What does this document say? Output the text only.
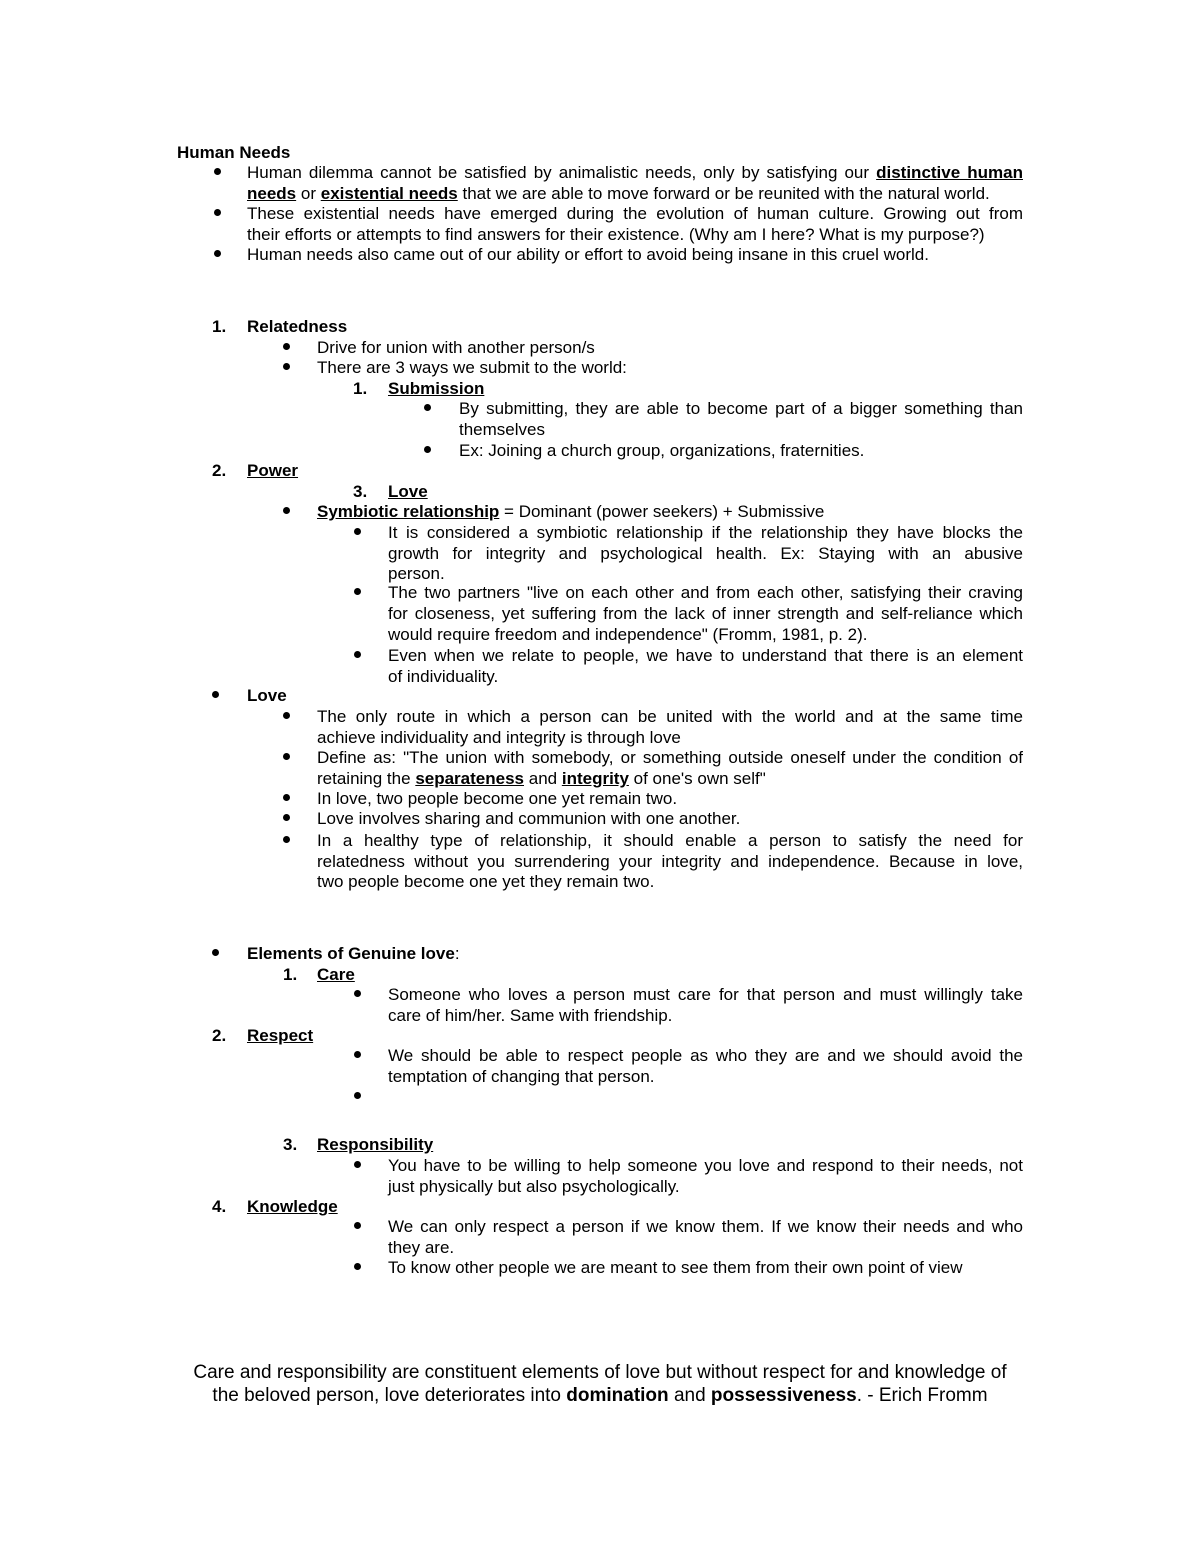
Human Needs
Human dilemma cannot be satisfied by animalistic needs, only by satisfying our distinctive human
needs or existential needs that we are able to move forward or be reunited with the natural world.
These existential needs have emerged during the evolution of human culture. Growing out from
their efforts or attempts to find answers for their existence. (Why am I here? What is my purpose?)
Human needs also came out of our ability or effort to avoid being insane in this cruel world.
1. Relatedness
Drive for union with another person/s
There are 3 ways we submit to the world:
1. Submission
By submitting, they are able to become part of a bigger something than
themselves
Ex: Joining a church group, organizations, fraternities.
2. Power
3. Love
Symbiotic relationship = Dominant (power seekers) + Submissive
It is considered a symbiotic relationship if the relationship they have blocks the
growth for integrity and psychological health. Ex: Staying with an abusive
person.
The two partners "live on each other and from each other, satisfying their craving
for closeness, yet suffering from the lack of inner strength and self-reliance which
would require freedom and independence" (Fromm, 1981, p. 2).
Even when we relate to people, we have to understand that there is an element
of individuality.
Love
The only route in which a person can be united with the world and at the same time
achieve individuality and integrity is through love
Define as: "The union with somebody, or something outside oneself under the condition of
retaining the separateness and integrity of one's own self"
In love, two people become one yet remain two.
Love involves sharing and communion with one another.
In a healthy type of relationship, it should enable a person to satisfy the need for
relatedness without you surrendering your integrity and independence. Because in love,
two people become one yet they remain two.
Elements of Genuine love:
1. Care
Someone who loves a person must care for that person and must willingly take
care of him/her. Same with friendship.
2. Respect
We should be able to respect people as who they are and we should avoid the
temptation of changing that person.
3. Responsibility
You have to be willing to help someone you love and respond to their needs, not
just physically but also psychologically.
4. Knowledge
We can only respect a person if we know them. If we know their needs and who
they are.
To know other people we are meant to see them from their own point of view
Care and responsibility are constituent elements of love but without respect for and knowledge of
the beloved person, love deteriorates into domination and possessiveness. - Erich Fromm
